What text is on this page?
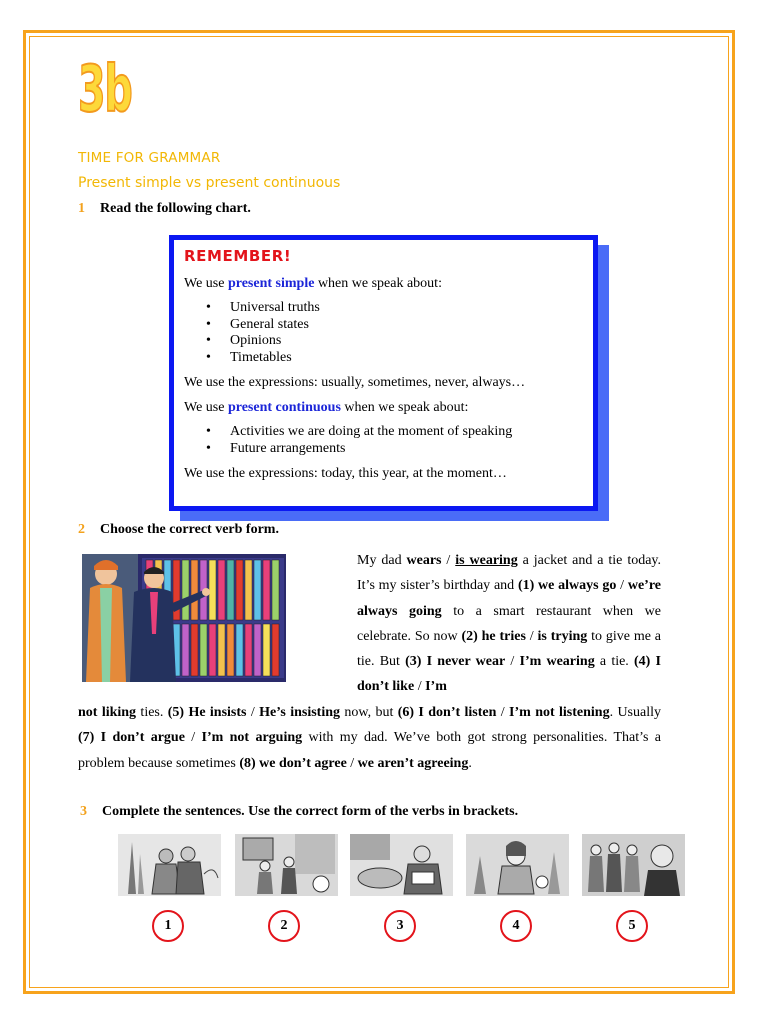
3b
TIME FOR GRAMMAR
Present simple vs present continuous
1 Read the following chart.
REMEMBER!

We use present simple when we speak about:

• Universal truths
• General states
• Opinions
• Timetables

We use the expressions: usually, sometimes, never, always…

We use present continuous when we speak about:

• Activities we are doing at the moment of speaking
• Future arrangements

We use the expressions: today, this year, at the moment…

2 Choose the correct verb form.
My dad wears / is wearing a jacket and a tie today. It’s my sister’s birthday and (1) we always go / we’re always going to a smart restaurant when we celebrate. So now (2) he tries / is trying to give me a tie. But (3) I never wear / I’m wearing a tie. (4) I don’t like / I’m
not liking ties. (5) He insists / He’s insisting now, but (6) I don’t listen / I’m not listening. Usually (7) I don’t argue / I’m not arguing with my dad. We’ve both got strong personalities. That’s a problem because sometimes (8) we don’t agree / we aren’t agreeing.
3 Complete the sentences. Use the correct form of the verbs in brackets.
1	2	3	4	5
